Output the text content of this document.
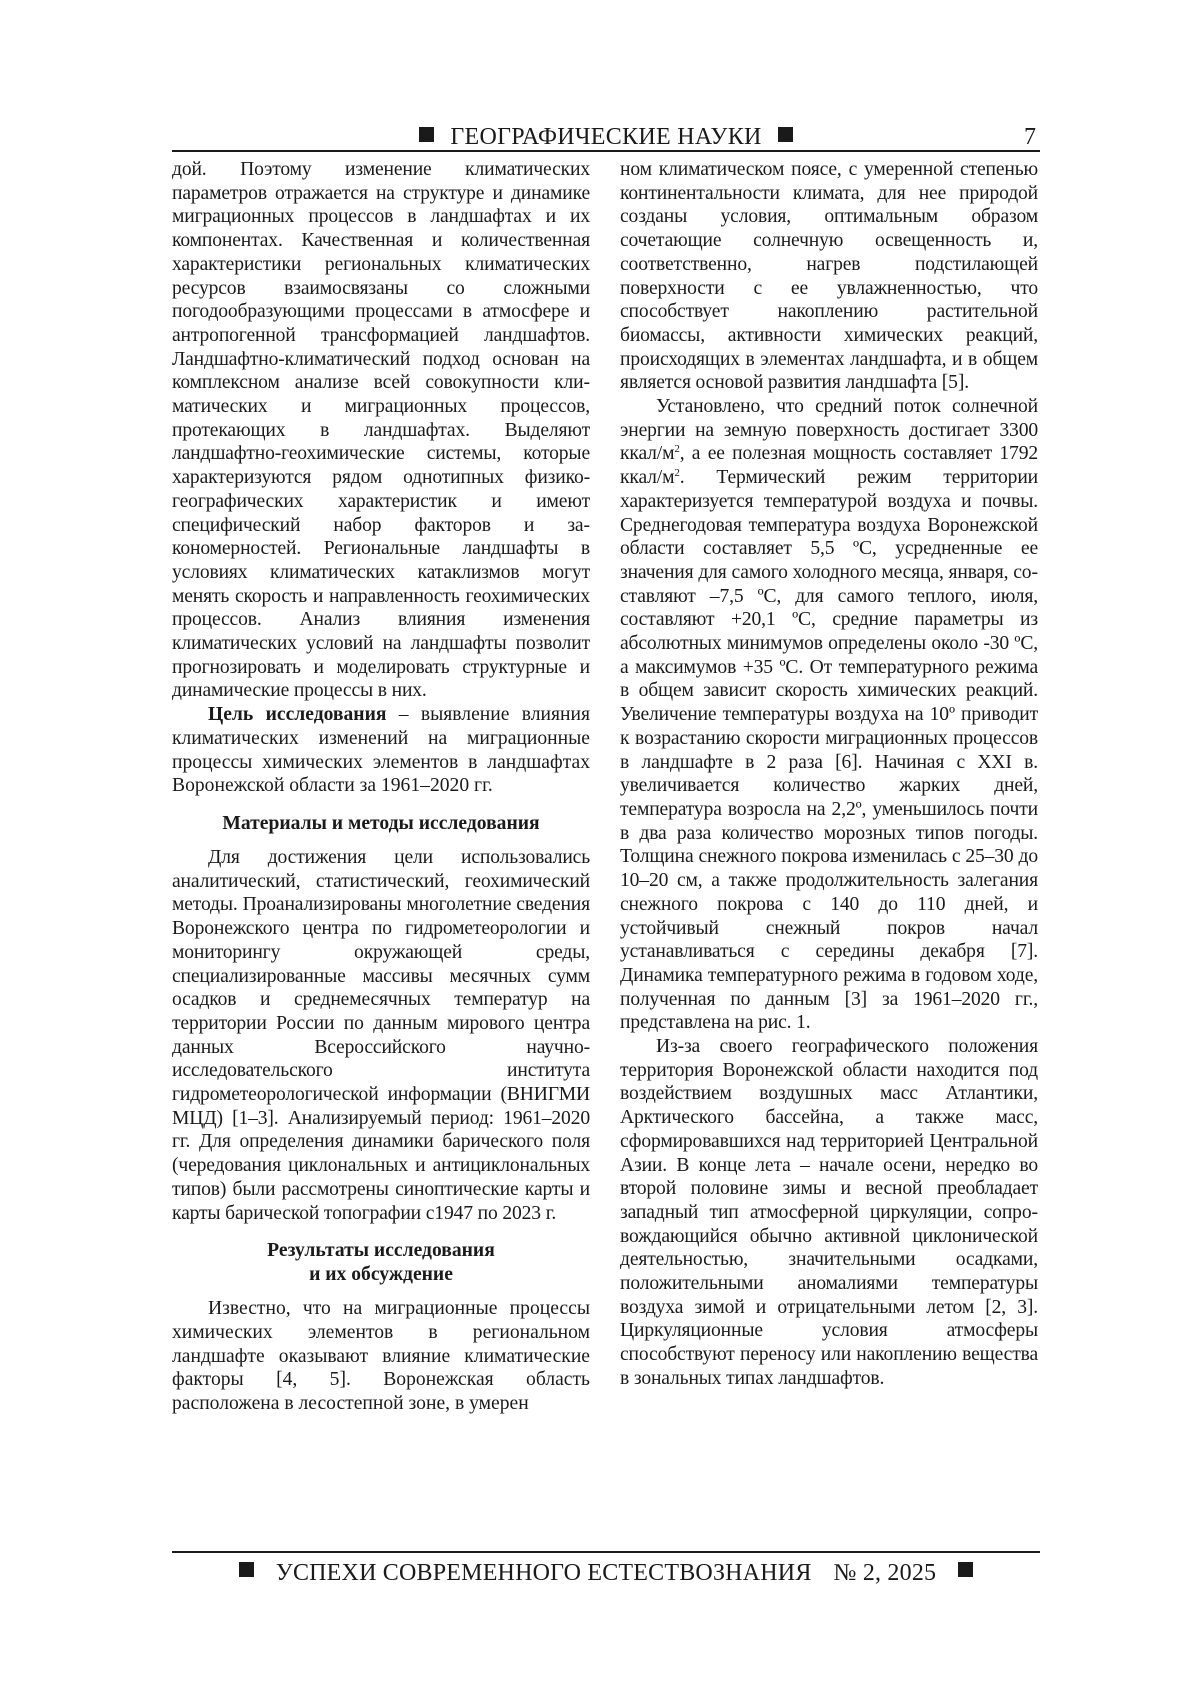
ГЕОГРАФИЧЕСКИЕ НАУКИ	7

дой. Поэтому изменение климатических параметров отражается на структуре и динамике миграционных процессов в ландшафтах и их компонентах. Качественная и количественная характеристики региональных климатических ресурсов взаимосвязаны со сложными погодообразующими процессами в атмосфере и антропогенной трансформацией ландшафтов. Ландшафтно-климатический подход основан на комплексном анализе всей совокупности климатических и миграционных процессов, протекающих в ландшафтах. Выделяют ландшафтно-геохимические системы, которые характеризуются рядом однотипных физико-географических характеристик и имеют специфический набор факторов и закономерностей. Региональные ландшафты в условиях климатических катаклизмов могут менять скорость и направленность геохимических процессов. Анализ влияния изменения климатических условий на ландшафты позволит прогнозировать и моделировать структурные и динамические процессы в них.

Цель исследования – выявление влияния климатических изменений на миграционные процессы химических элементов в ландшафтах Воронежской области за 1961–2020 гг.

Материалы и методы исследования

Для достижения цели использовались аналитический, статистический, геохимический методы. Проанализированы многолетние сведения Воронежского центра по гидрометеорологии и мониторингу окружающей среды, специализированные массивы месячных сумм осадков и среднемесячных температур на территории России по данным мирового центра данных Всероссийского научно-исследовательского института гидрометеорологической информации (ВНИГМИ МЦД) [1–3]. Анализируемый период: 1961–2020 гг. Для определения динамики барического поля (чередования циклональных и антициклональных типов) были рассмотрены синоптические карты и карты барической топографии с1947 по 2023 г.

Результаты исследования
и их обсуждение

Известно, что на миграционные процессы химических элементов в региональном ландшафте оказывают влияние климатические факторы [4, 5]. Воронежская область расположена в лесостепной зоне, в умерен

ном климатическом поясе, с умеренной степенью континентальности климата, для нее природой созданы условия, оптимальным образом сочетающие солнечную освещенность и, соответственно, нагрев подстилающей поверхности с ее увлажненностью, что способствует накоплению растительной биомассы, активности химических реакций, происходящих в элементах ландшафта, и в общем является основой развития ландшафта [5].

Установлено, что средний поток солнечной энергии на земную поверхность достигает 3300 ккал/$м^2$, а ее полезная мощность составляет 1792 ккал/$м^2$. Термический режим территории характеризуется температурой воздуха и почвы. Среднегодовая температура воздуха Воронежской области составляет 5,5 ºС, усредненные ее значения для самого холодного месяца, января, составляют –7,5 ºС, для самого теплого, июля, составляют +20,1 ºС, средние параметры из абсолютных минимумов определены около -30 ºС, а максимумов +35 ºС. От температурного режима в общем зависит скорость химических реакций. Увеличение температуры воздуха на 10º приводит к возрастанию скорости миграционных процессов в ландшафте в 2 раза [6]. Начиная с XXI в. увеличивается количество жарких дней, температура возросла на 2,2º, уменьшилось почти в два раза количество морозных типов погоды. Толщина снежного покрова изменилась с 25–30 до 10–20 см, а также продолжительность залегания снежного покрова с 140 до 110 дней, и устойчивый снежный покров начал устанавливаться с середины декабря [7]. Динамика температурного режима в годовом ходе, полученная по данным [3] за 1961–2020 гг., представлена на рис. 1.

Из-за своего географического положения территория Воронежской области находится под воздействием воздушных масс Атлантики, Арктического бассейна, а также масс, сформировавшихся над территорией Центральной Азии. В конце лета – начале осени, нередко во второй половине зимы и весной преобладает западный тип атмосферной циркуляции, сопровождающийся обычно активной циклонической деятельностью, значительными осадками, положительными аномалиями температуры воздуха зимой и отрицательными летом [2, 3]. Циркуляционные условия атмосферы способствуют переносу или накоплению вещества в зональных типах ландшафтов.

УСПЕХИ СОВРЕМЕННОГО ЕСТЕСТВОЗНАНИЯ № 2, 2025
